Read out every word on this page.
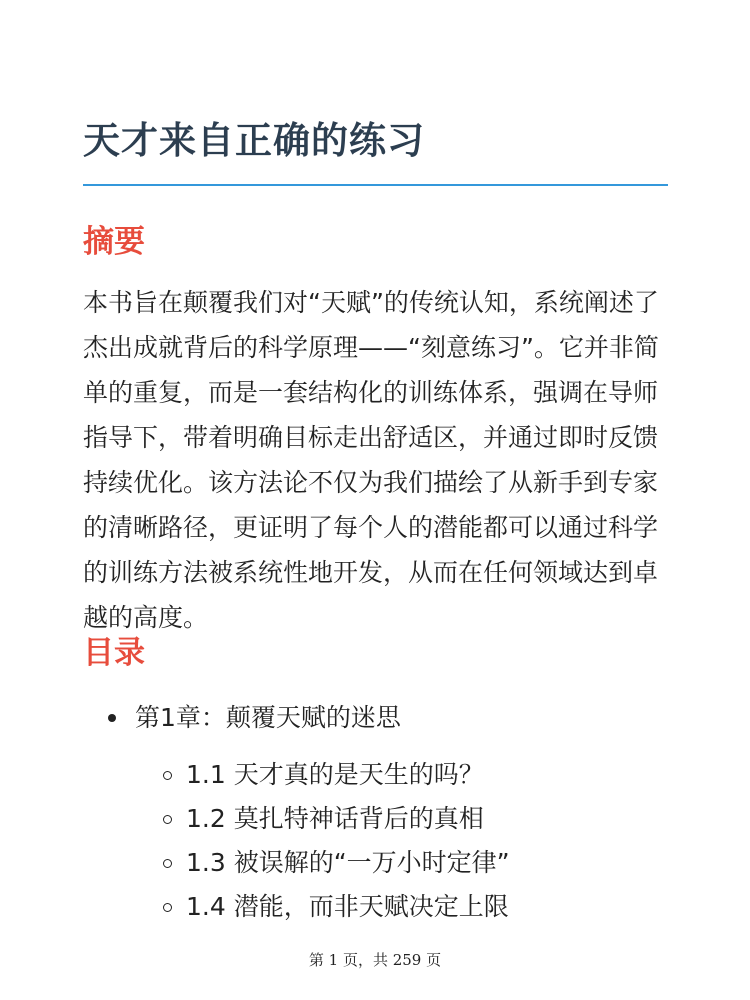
天才来自正确的练习
摘要

本书旨在颠覆我们对“天赋”的传统认知，系统阐述了杰出成就背后的科学原理——“刻意练习”。它并非简单的重复，而是一套结构化的训练体系，强调在导师指导下，带着明确目标走出舒适区，并通过即时反馈持续优化。该方法论不仅为我们描绘了从新手到专家的清晰路径，更证明了每个人的潜能都可以通过科学的训练方法被系统性地开发，从而在任何领域达到卓越的高度。

目录
第1章：颠覆天赋的迷思
1.1 天才真的是天生的吗？
1.2 莫扎特神话背后的真相
1.3 被误解的“一万小时定律”
1.4 潜能，而非天赋决定上限
第 1 页，共 259 页
